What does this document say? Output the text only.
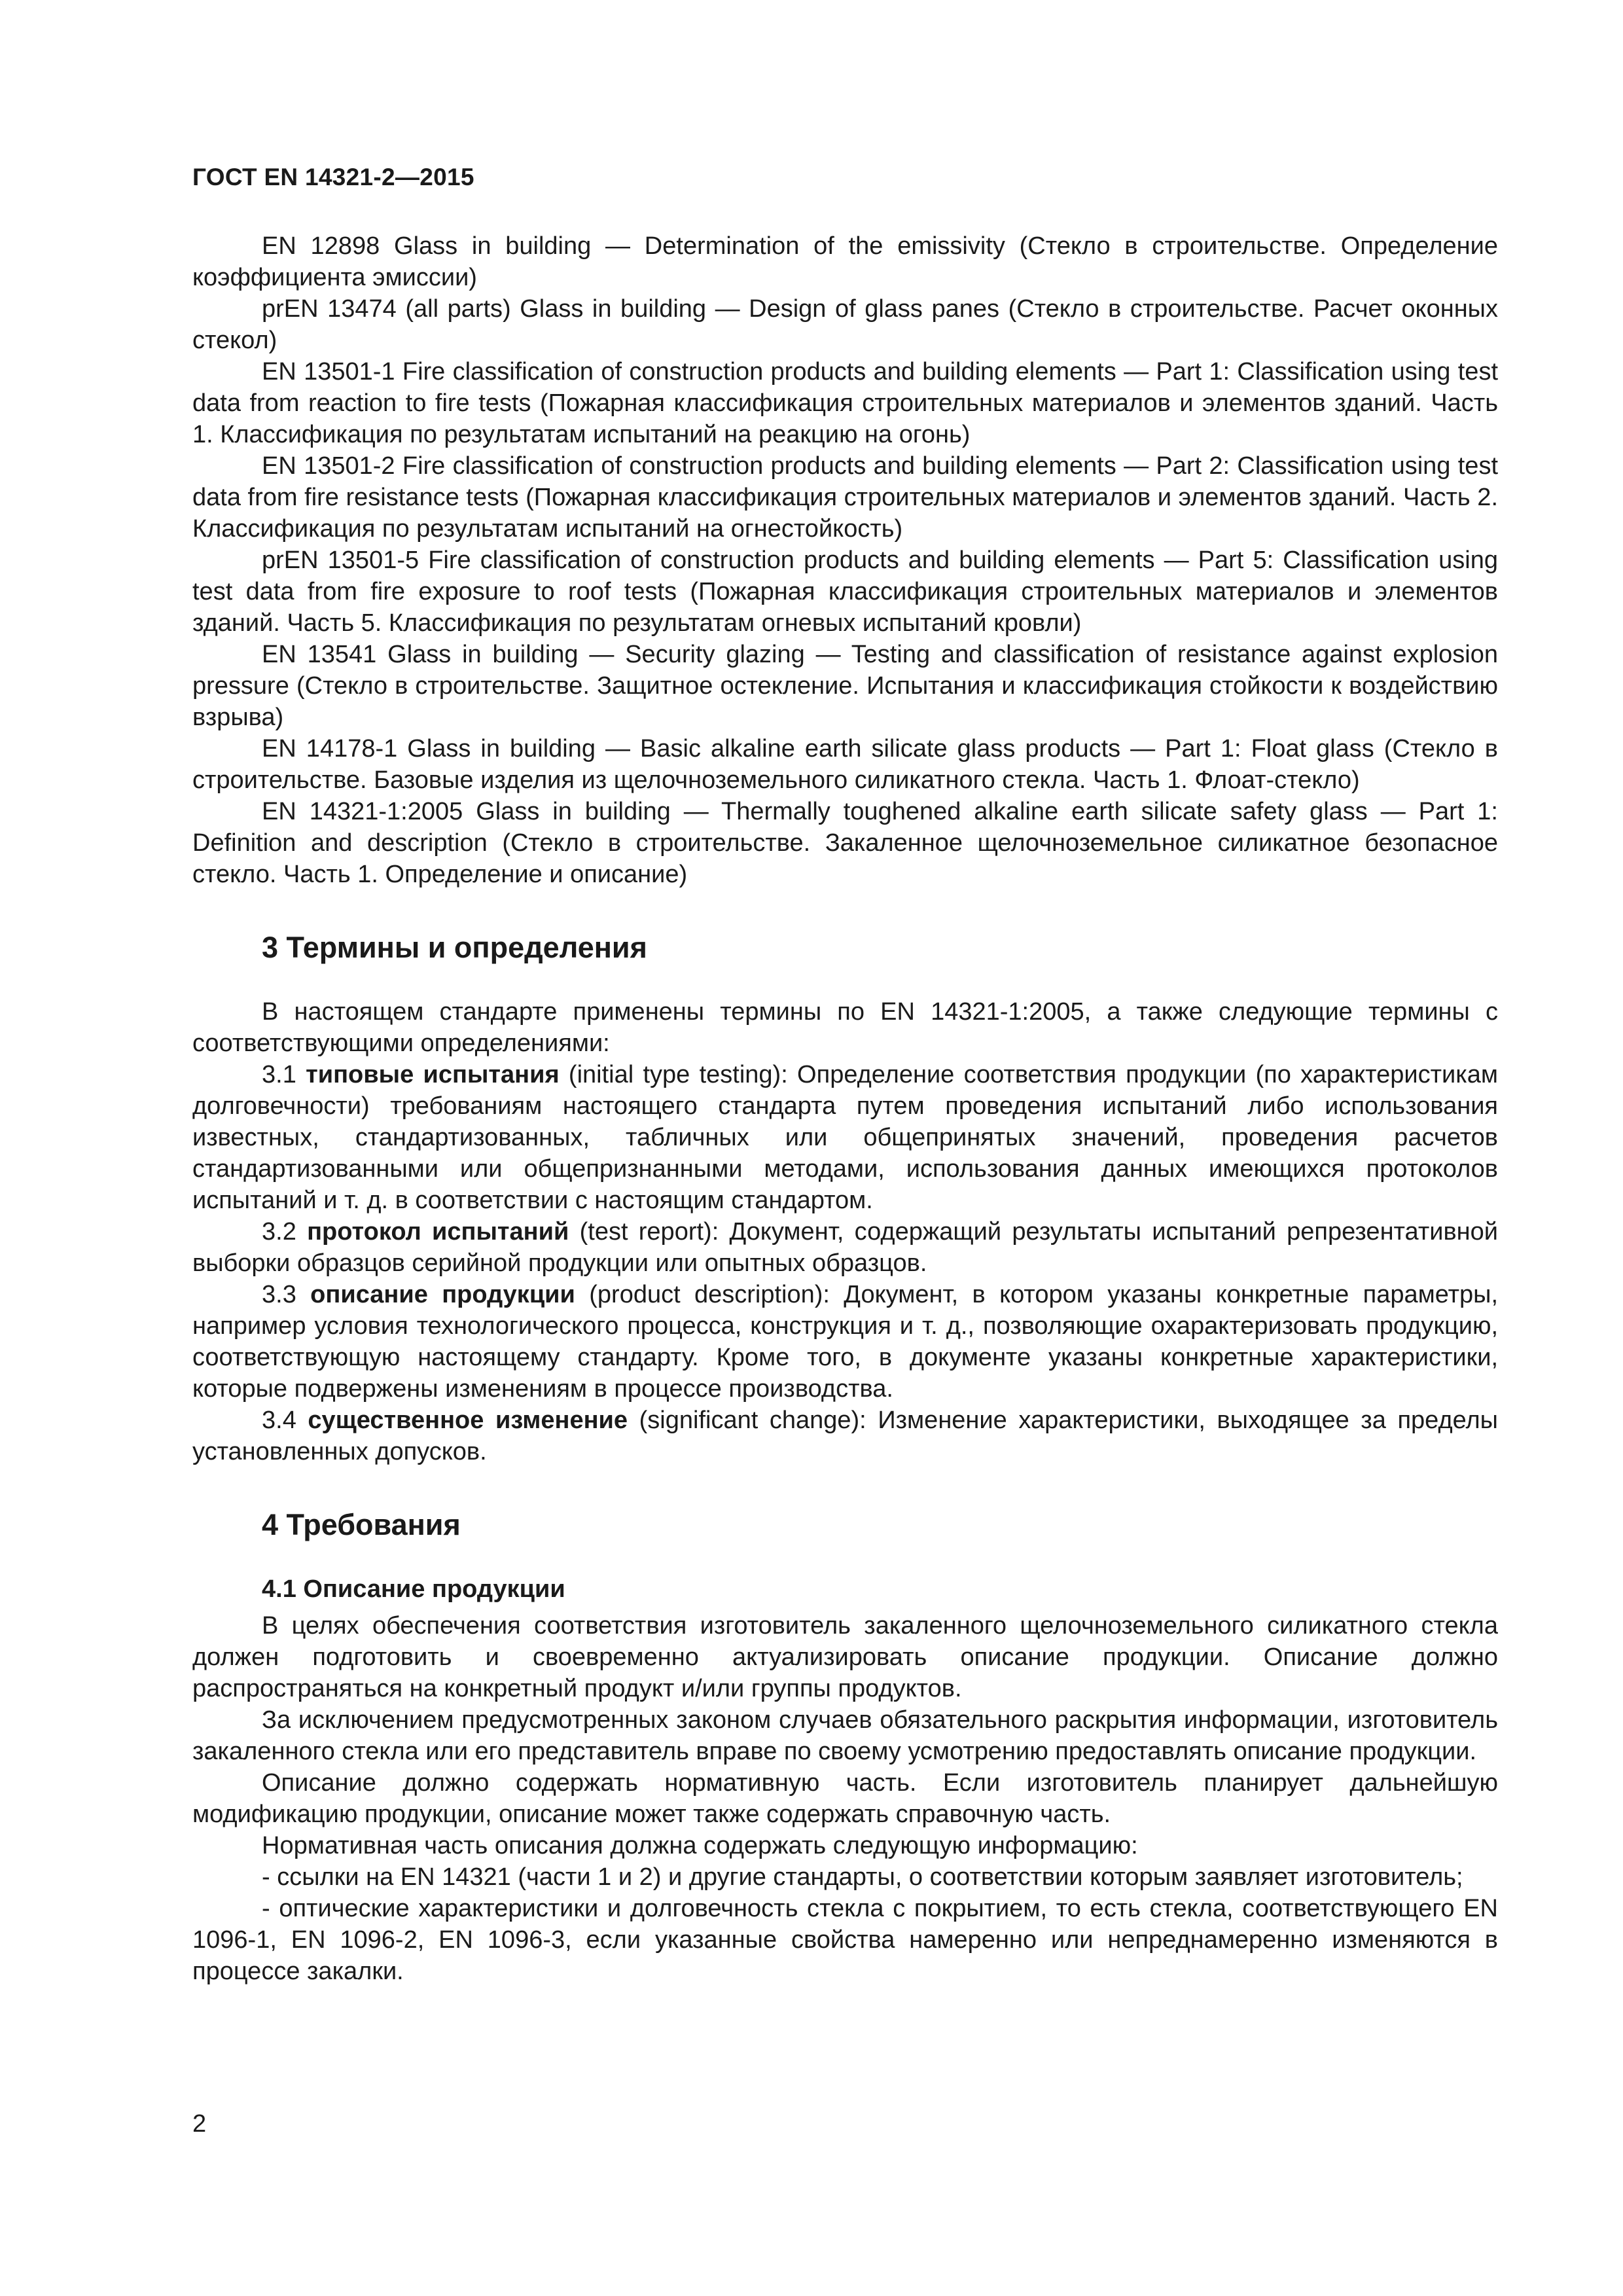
ГОСТ EN 14321-2—2015

EN 12898 Glass in building — Determination of the emissivity (Стекло в строительстве. Определение коэффициента эмиссии)

prEN 13474 (all parts) Glass in building — Design of glass panes (Стекло в строительстве. Расчет оконных стекол)

EN 13501-1 Fire classification of construction products and building elements — Part 1: Classification using test data from reaction to fire tests (Пожарная классификация строительных материалов и элементов зданий. Часть 1. Классификация по результатам испытаний на реакцию на огонь)

EN 13501-2 Fire classification of construction products and building elements — Part 2: Classification using test data from fire resistance tests (Пожарная классификация строительных материалов и элементов зданий. Часть 2. Классификация по результатам испытаний на огнестойкость)

prEN 13501-5 Fire classification of construction products and building elements — Part 5: Classification using test data from fire exposure to roof tests (Пожарная классификация строительных материалов и элементов зданий. Часть 5. Классификация по результатам огневых испытаний кровли)

EN 13541 Glass in building — Security glazing — Testing and classification of resistance against explosion pressure (Стекло в строительстве. Защитное остекление. Испытания и классификация стойкости к воздействию взрыва)

EN 14178-1 Glass in building — Basic alkaline earth silicate glass products — Part 1: Float glass (Стекло в строительстве. Базовые изделия из щелочноземельного силикатного стекла. Часть 1. Флоат-стекло)

EN 14321-1:2005 Glass in building — Thermally toughened alkaline earth silicate safety glass — Part 1: Definition and description (Стекло в строительстве. Закаленное щелочноземельное силикатное безопасное стекло. Часть 1. Определение и описание)

3 Термины и определения

В настоящем стандарте применены термины по EN 14321-1:2005, а также следующие термины с соответствующими определениями:

3.1 типовые испытания (initial type testing): Определение соответствия продукции (по характеристикам долговечности) требованиям настоящего стандарта путем проведения испытаний либо использования известных, стандартизованных, табличных или общепринятых значений, проведения расчетов стандартизованными или общепризнанными методами, использования данных имеющихся протоколов испытаний и т. д. в соответствии с настоящим стандартом.

3.2 протокол испытаний (test report): Документ, содержащий результаты испытаний репрезентативной выборки образцов серийной продукции или опытных образцов.

3.3 описание продукции (product description): Документ, в котором указаны конкретные параметры, например условия технологического процесса, конструкция и т. д., позволяющие охарактеризовать продукцию, соответствующую настоящему стандарту. Кроме того, в документе указаны конкретные характеристики, которые подвержены изменениям в процессе производства.

3.4 существенное изменение (significant change): Изменение характеристики, выходящее за пределы установленных допусков.

4 Требования
4.1 Описание продукции

В целях обеспечения соответствия изготовитель закаленного щелочноземельного силикатного стекла должен подготовить и своевременно актуализировать описание продукции. Описание должно распространяться на конкретный продукт и/или группы продуктов.

За исключением предусмотренных законом случаев обязательного раскрытия информации, изготовитель закаленного стекла или его представитель вправе по своему усмотрению предоставлять описание продукции.

Описание должно содержать нормативную часть. Если изготовитель планирует дальнейшую модификацию продукции, описание может также содержать справочную часть.

Нормативная часть описания должна содержать следующую информацию:

- ссылки на EN 14321 (части 1 и 2) и другие стандарты, о соответствии которым заявляет изготовитель;

- оптические характеристики и долговечность стекла с покрытием, то есть стекла, соответствующего EN 1096-1, EN 1096-2, EN 1096-3, если указанные свойства намеренно или непреднамеренно изменяются в процессе закалки.

2
